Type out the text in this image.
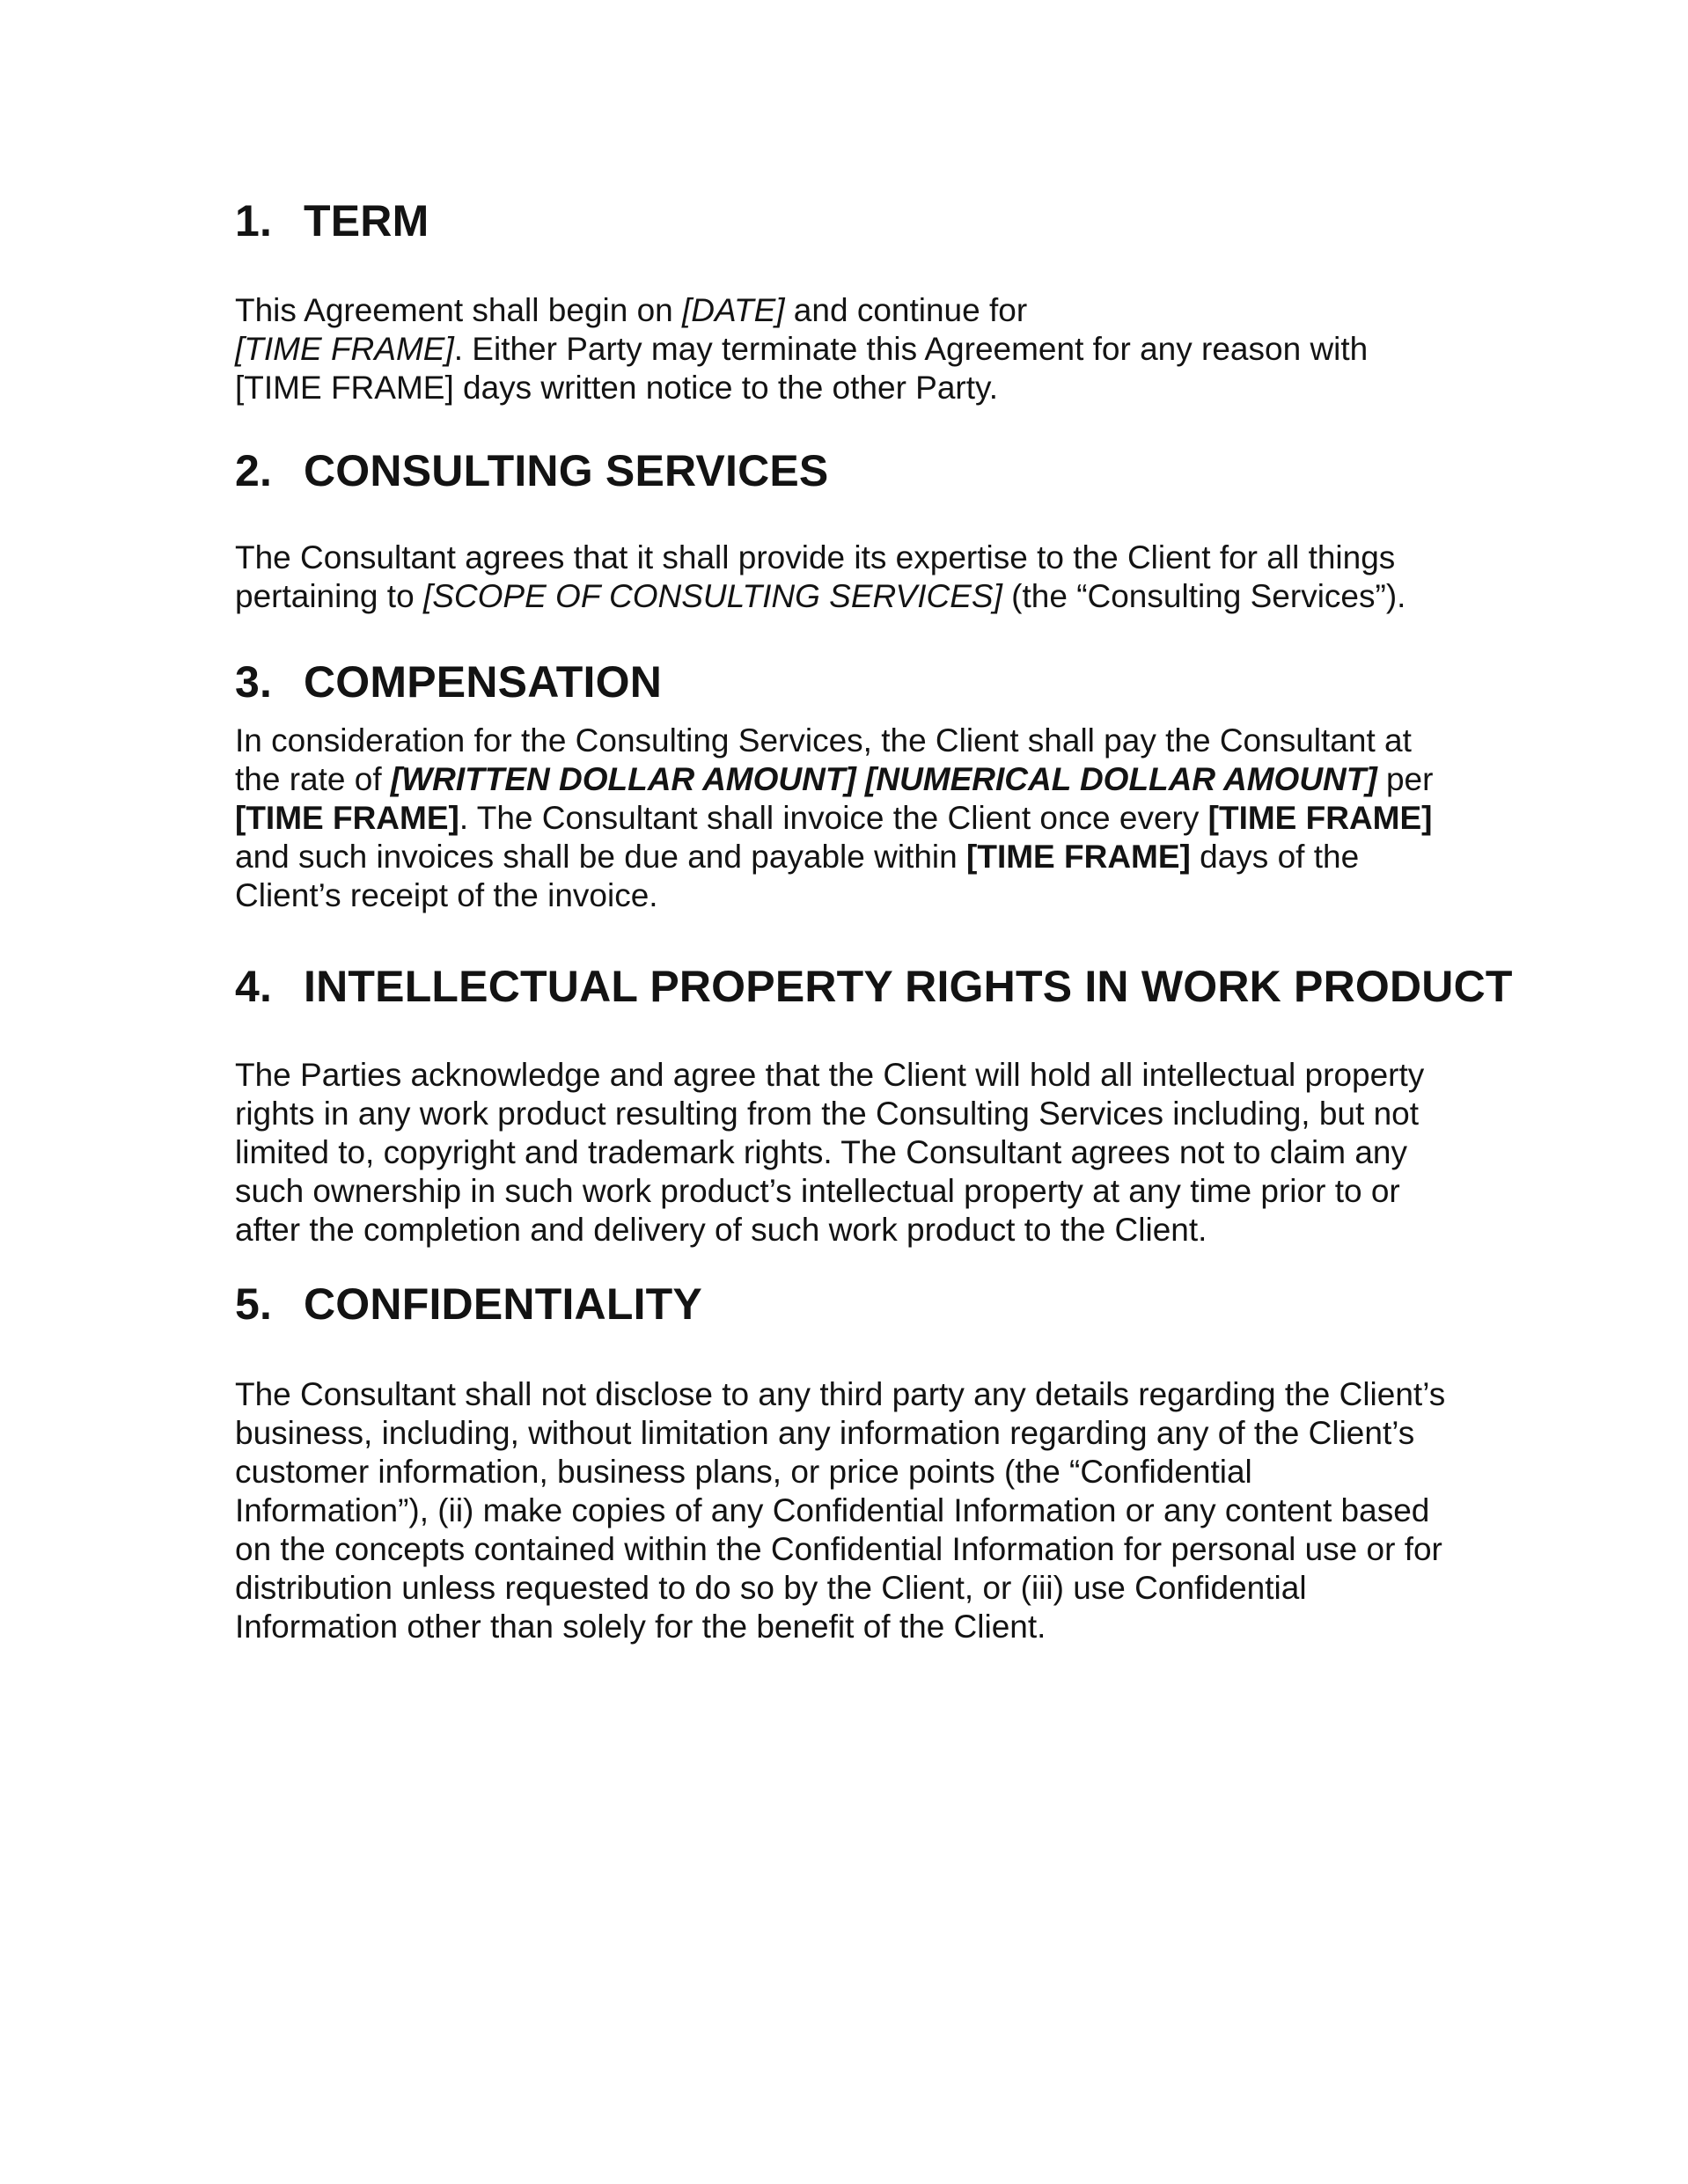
1. TERM

This Agreement shall begin on [DATE] and continue for
[TIME FRAME]. Either Party may terminate this Agreement for any reason with [TIME FRAME] days written notice to the other Party.

2. CONSULTING SERVICES

The Consultant agrees that it shall provide its expertise to the Client for all things pertaining to [SCOPE OF CONSULTING SERVICES] (the “Consulting Services”).

3. COMPENSATION

In consideration for the Consulting Services, the Client shall pay the Consultant at the rate of [WRITTEN DOLLAR AMOUNT] [NUMERICAL DOLLAR AMOUNT] per [TIME FRAME]. The Consultant shall invoice the Client once every [TIME FRAME] and such invoices shall be due and payable within [TIME FRAME] days of the Client’s receipt of the invoice.

4. INTELLECTUAL PROPERTY RIGHTS IN WORK PRODUCT

The Parties acknowledge and agree that the Client will hold all intellectual property rights in any work product resulting from the Consulting Services including, but not limited to, copyright and trademark rights. The Consultant agrees not to claim any such ownership in such work product’s intellectual property at any time prior to or after the completion and delivery of such work product to the Client.

5. CONFIDENTIALITY

The Consultant shall not disclose to any third party any details regarding the Client’s business, including, without limitation any information regarding any of the Client’s customer information, business plans, or price points (the “Confidential Information”), (ii) make copies of any Confidential Information or any content based on the concepts contained within the Confidential Information for personal use or for distribution unless requested to do so by the Client, or (iii) use Confidential Information other than solely for the benefit of the Client.
